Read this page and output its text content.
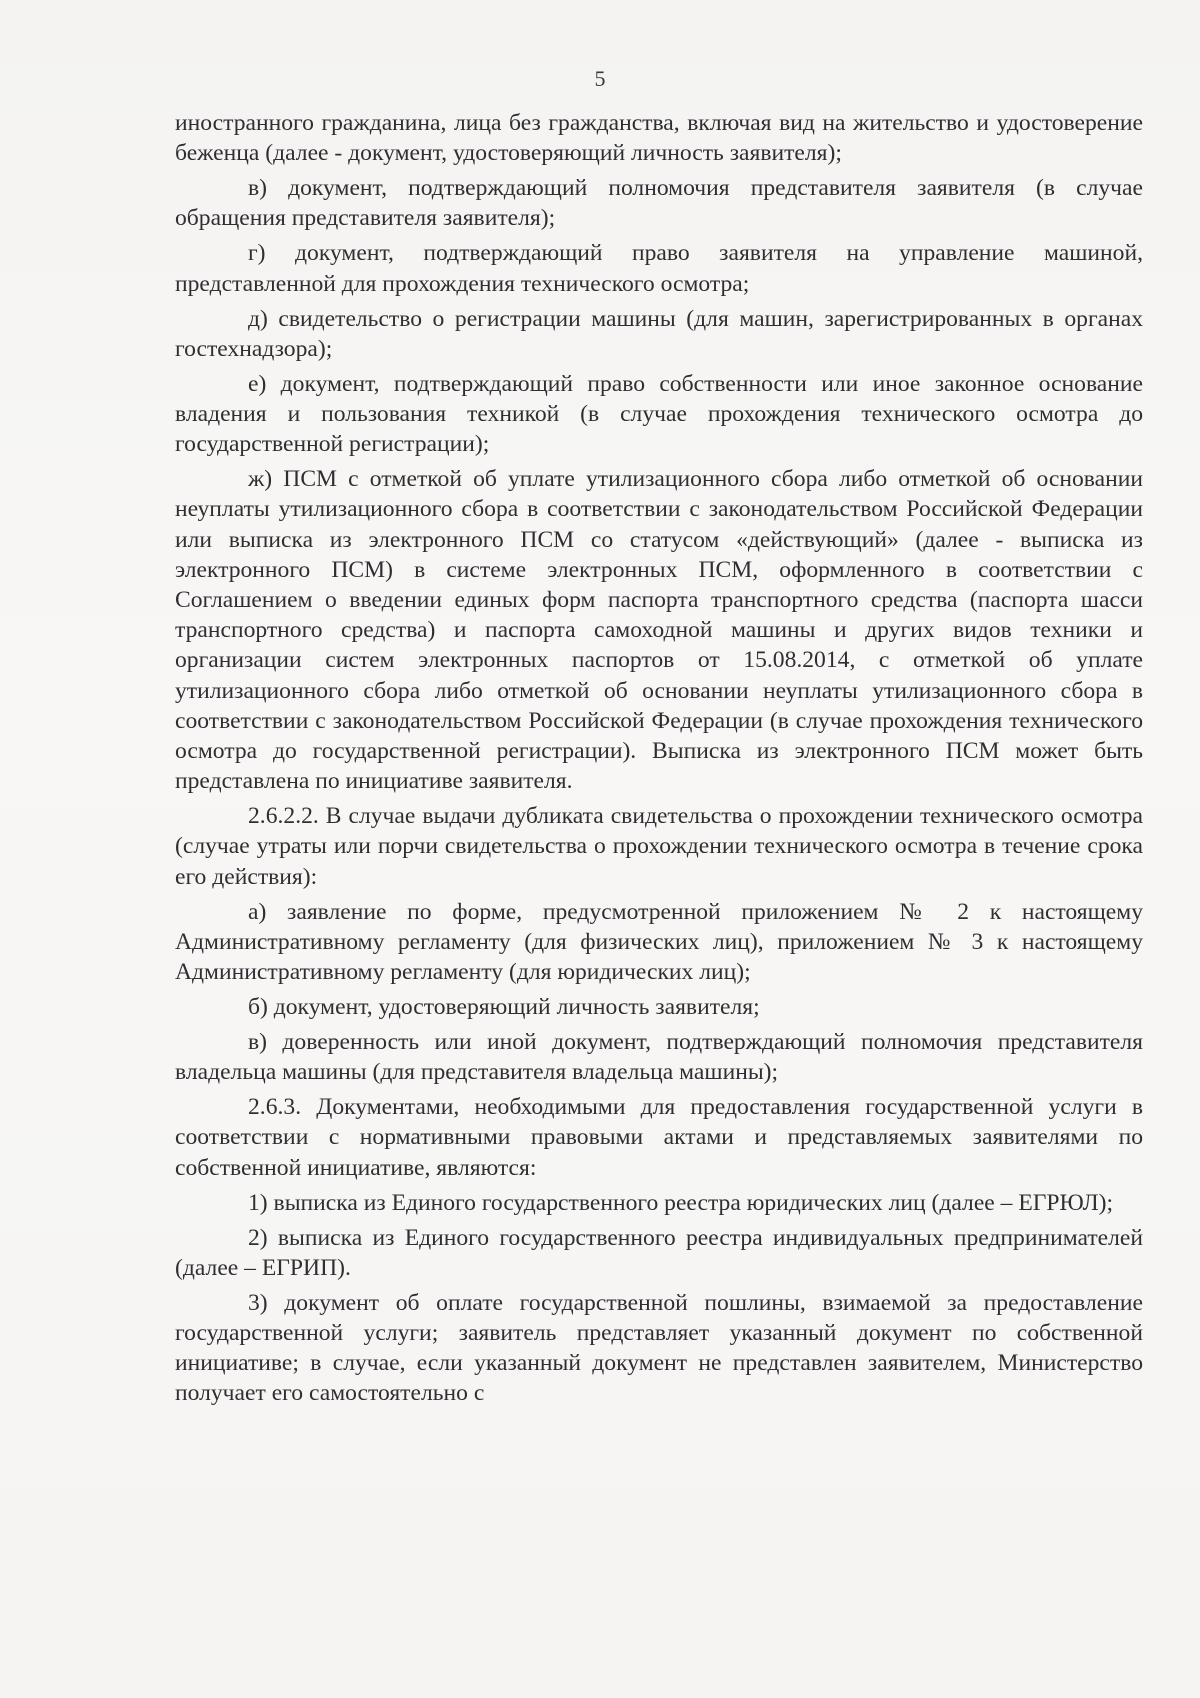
5

иностранного гражданина, лица без гражданства, включая вид на жительство и удостоверение беженца (далее - документ, удостоверяющий личность заявителя);

в) документ, подтверждающий полномочия представителя заявителя (в случае обращения представителя заявителя);

г) документ, подтверждающий право заявителя на управление машиной, представленной для прохождения технического осмотра;

д) свидетельство о регистрации машины (для машин, зарегистрированных в органах гостехнадзора);

е) документ, подтверждающий право собственности или иное законное основание владения и пользования техникой (в случае прохождения технического осмотра до государственной регистрации);

ж) ПСМ с отметкой об уплате утилизационного сбора либо отметкой об основании неуплаты утилизационного сбора в соответствии с законодательством Российской Федерации или выписка из электронного ПСМ со статусом «действующий» (далее - выписка из электронного ПСМ) в системе электронных ПСМ, оформленного в соответствии с Соглашением о введении единых форм паспорта транспортного средства (паспорта шасси транспортного средства) и паспорта самоходной машины и других видов техники и организации систем электронных паспортов от 15.08.2014, с отметкой об уплате утилизационного сбора либо отметкой об основании неуплаты утилизационного сбора в соответствии с законодательством Российской Федерации (в случае прохождения технического осмотра до государственной регистрации). Выписка из электронного ПСМ может быть представлена по инициативе заявителя.

2.6.2.2. В случае выдачи дубликата свидетельства о прохождении технического осмотра (случае утраты или порчи свидетельства о прохождении технического осмотра в течение срока его действия):

а) заявление по форме, предусмотренной приложением № 2 к настоящему Административному регламенту (для физических лиц), приложением № 3 к настоящему Административному регламенту (для юридических лиц);

б) документ, удостоверяющий личность заявителя;

в) доверенность или иной документ, подтверждающий полномочия представителя владельца машины (для представителя владельца машины);

2.6.3. Документами, необходимыми для предоставления государственной услуги в соответствии с нормативными правовыми актами и представляемых заявителями по собственной инициативе, являются:

1) выписка из Единого государственного реестра юридических лиц (далее – ЕГРЮЛ);

2) выписка из Единого государственного реестра индивидуальных предпринимателей (далее – ЕГРИП).

3) документ об оплате государственной пошлины, взимаемой за предоставление государственной услуги; заявитель представляет указанный документ по собственной инициативе; в случае, если указанный документ не представлен заявителем, Министерство получает его самостоятельно с
